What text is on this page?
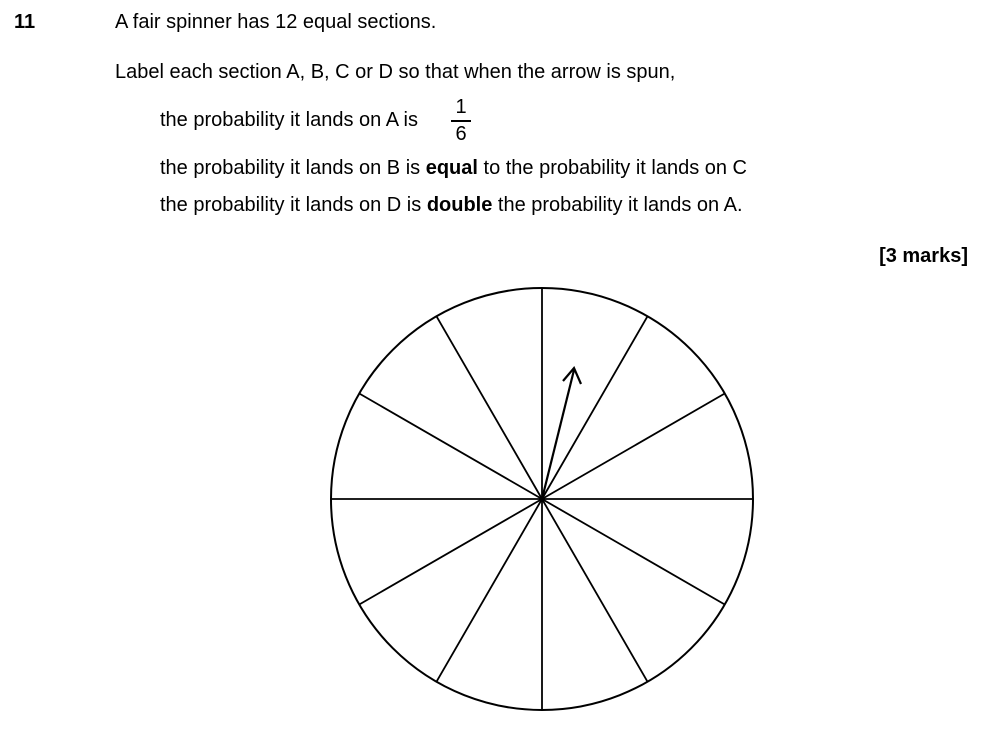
11	A fair spinner has 12 equal sections.
Label each section A, B, C or D so that when the arrow is spun,
the probability it lands on A is
1
6
the probability it lands on B is equal to the probability it lands on C
the probability it lands on D is double the probability it lands on A.
[3 marks]
